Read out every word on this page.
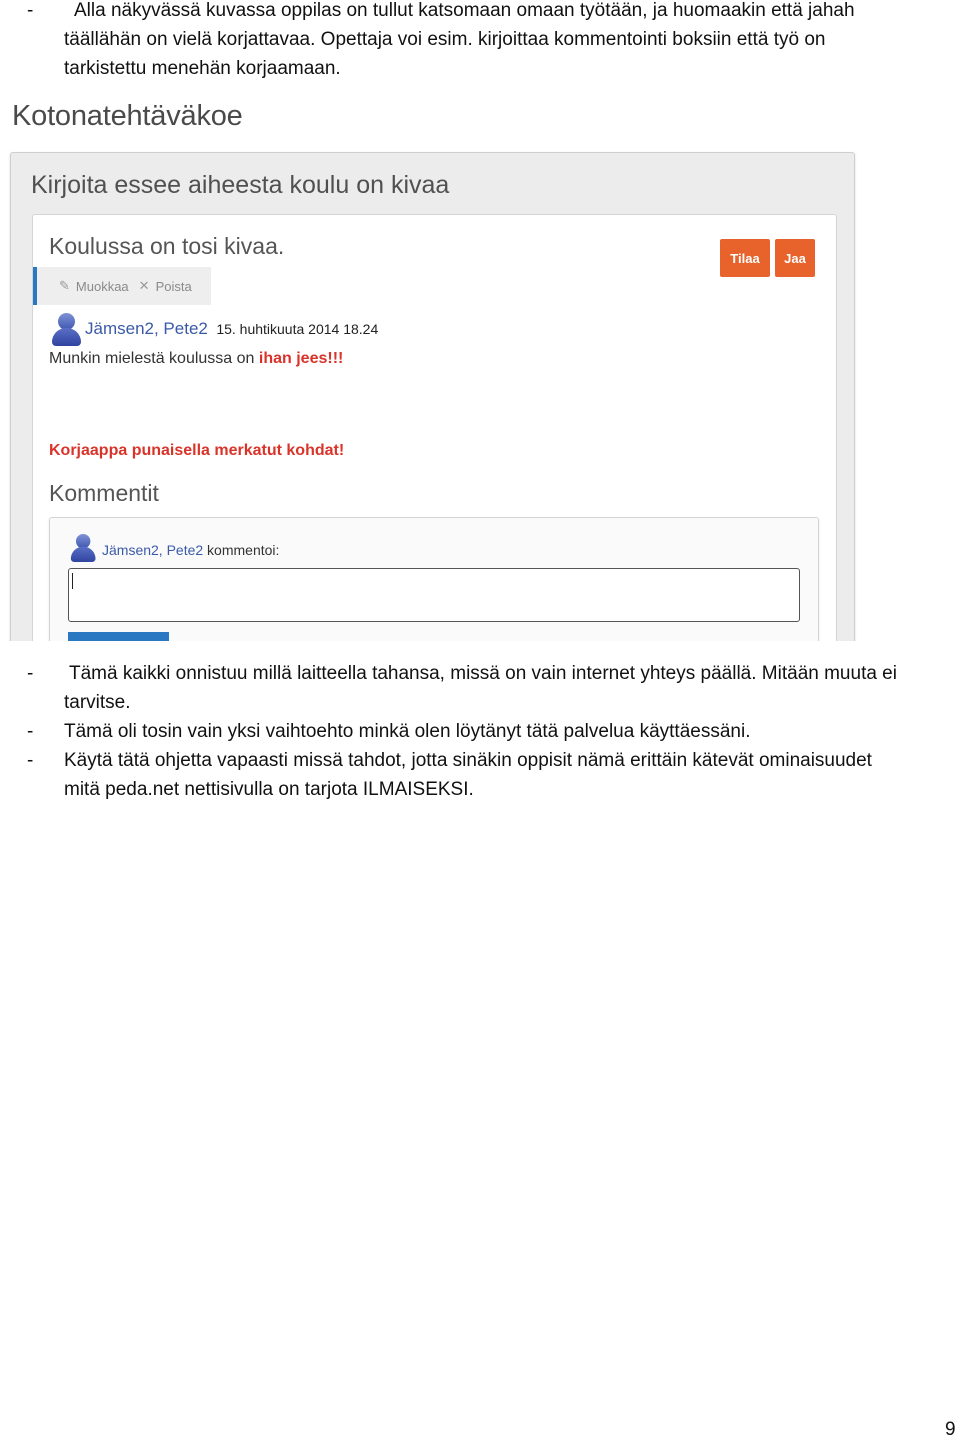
-	Alla näkyvässä kuvassa oppilas on tullut katsomaan omaan työtään, ja huomaakin että jahah
täällähän on vielä korjattavaa. Opettaja voi esim. kirjoittaa kommentointi boksiin että työ on
tarkistettu menehän korjaamaan.
Kotonatehtäväkoe
Kirjoita essee aiheesta koulu on kivaa
Koulussa on tosi kivaa.	Tilaa	Jaa
✎ Muokkaa ✕ Poista
Jämsen2, Pete2 15. huhtikuuta 2014 18.24
Munkin mielestä koulussa on ihan jees!!!
Korjaappa punaisella merkatut kohdat!
Kommentit
Jämsen2, Pete2 kommentoi:
- Tämä kaikki onnistuu millä laitteella tahansa, missä on vain internet yhteys päällä. Mitään muuta ei
tarvitse.
- Tämä oli tosin vain yksi vaihtoehto minkä olen löytänyt tätä palvelua käyttäessäni.
- Käytä tätä ohjetta vapaasti missä tahdot, jotta sinäkin oppisit nämä erittäin kätevät ominaisuudet
mitä peda.net nettisivulla on tarjota ILMAISEKSI.
9
